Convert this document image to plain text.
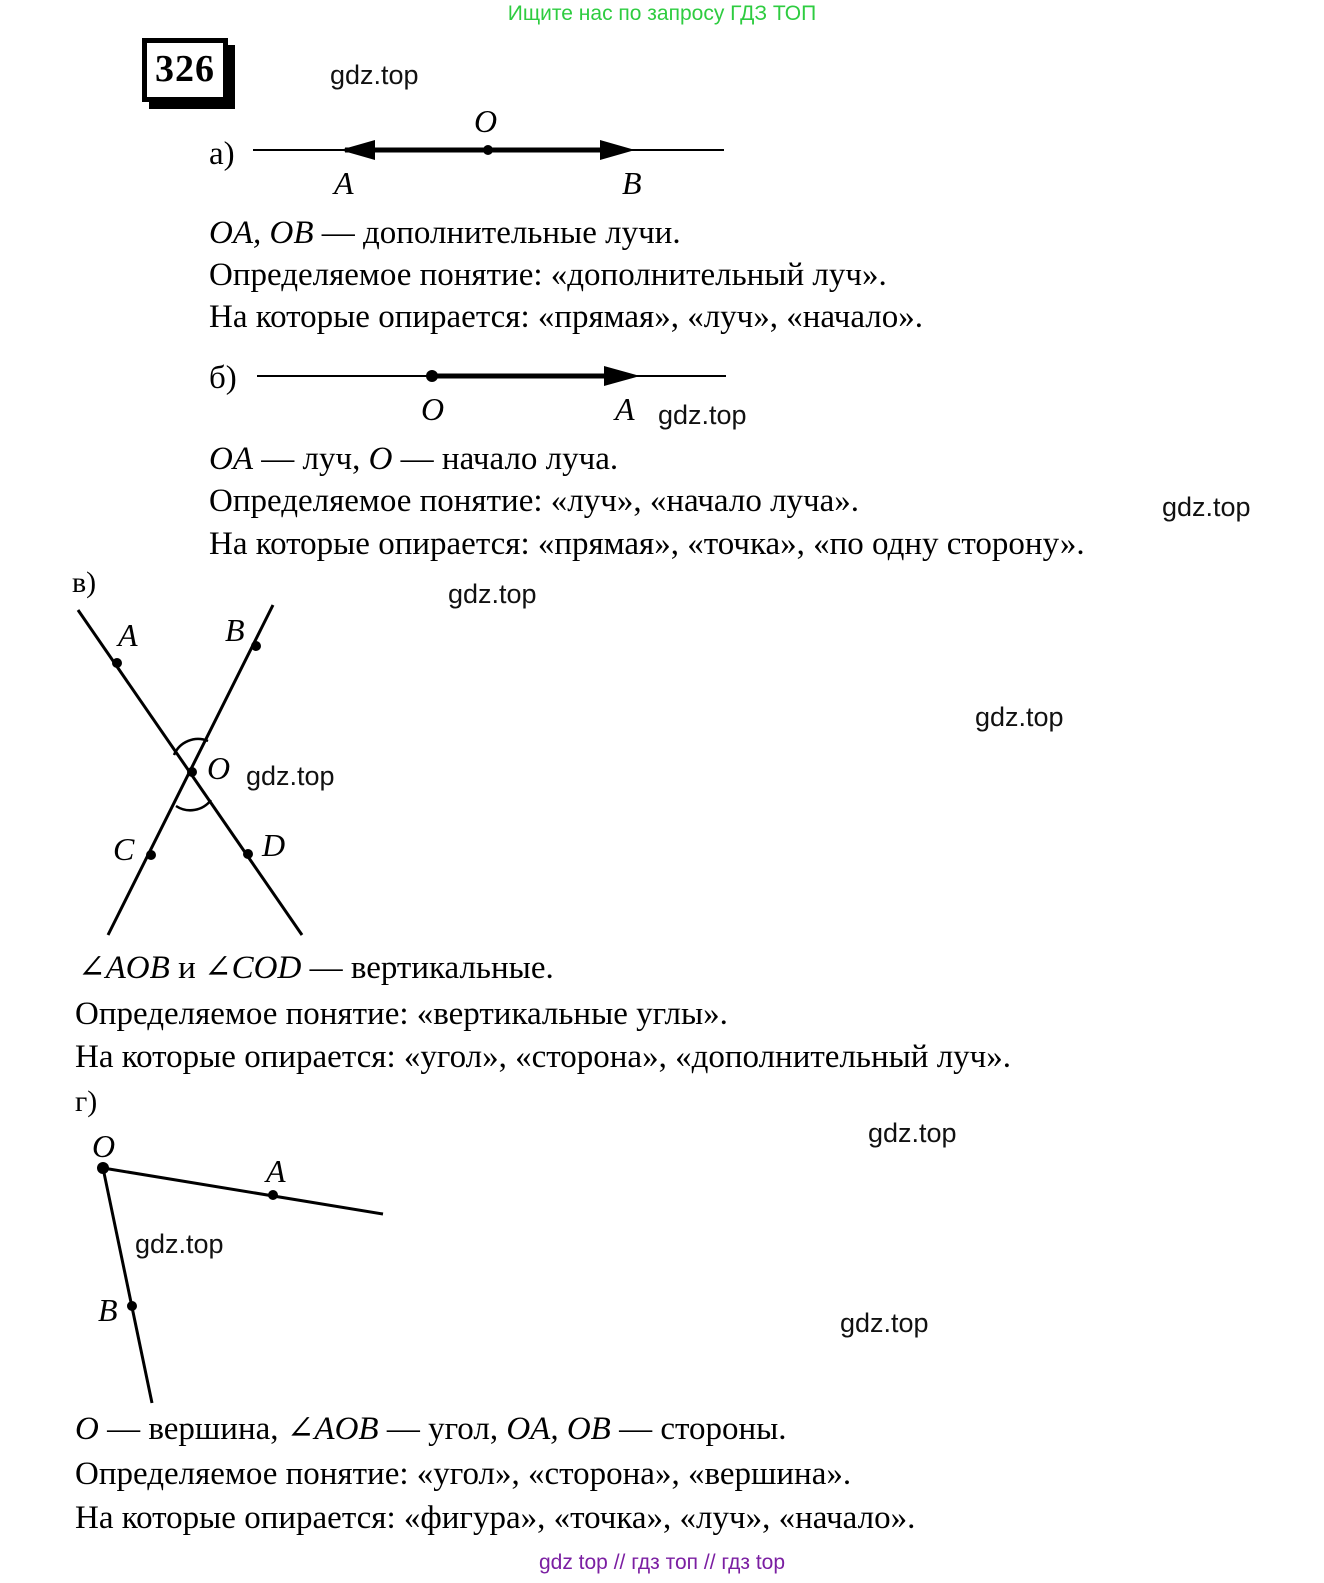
Ищите нас по запросу ГДЗ ТОП
gdz top // гдз топ // гдз top
326	gdz.top
gdz.top
gdz.top
gdz.top
gdz.top
gdz.top
gdz.top
gdz.top
gdz.top
а)
O
A	B
OA, OB — дополнительные лучи.
Определяемое понятие: «дополнительный луч».
На которые опирается: «прямая», «луч», «начало».
б)
O	A
OA — луч, O — начало луча.
Определяемое понятие: «луч», «начало луча».
На которые опирается: «прямая», «точка», «по одну сторону».
в)
A	B
O
C	D
∠AOB и ∠COD — вертикальные.
Определяемое понятие: «вертикальные углы».
На которые опирается: «угол», «сторона», «дополнительный луч».
г)
O
A
B
O — вершина, ∠AOB — угол, OA, OB — стороны.
Определяемое понятие: «угол», «сторона», «вершина».
На которые опирается: «фигура», «точка», «луч», «начало».
